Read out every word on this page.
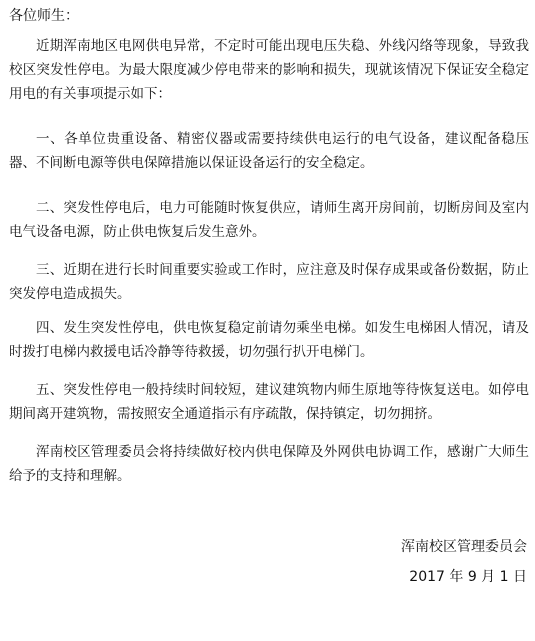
各位师生：

近期浑南地区电网供电异常，不定时可能出现电压失稳、外线闪络等现象，导致我校区突发性停电。为最大限度减少停电带来的影响和损失，现就该情况下保证安全稳定用电的有关事项提示如下：

一、各单位贵重设备、精密仪器或需要持续供电运行的电气设备，建议配备稳压器、不间断电源等供电保障措施以保证设备运行的安全稳定。

二、突发性停电后，电力可能随时恢复供应，请师生离开房间前，切断房间及室内电气设备电源，防止供电恢复后发生意外。

三、近期在进行长时间重要实验或工作时，应注意及时保存成果或备份数据，防止突发停电造成损失。

四、发生突发性停电，供电恢复稳定前请勿乘坐电梯。如发生电梯困人情况，请及时拨打电梯内救援电话冷静等待救援，切勿强行扒开电梯门。

五、突发性停电一般持续时间较短，建议建筑物内师生原地等待恢复送电。如停电期间离开建筑物，需按照安全通道指示有序疏散，保持镇定，切勿拥挤。

浑南校区管理委员会将持续做好校内供电保障及外网供电协调工作，感谢广大师生给予的支持和理解。

浑南校区管理委员会
2017 年 9 月 1 日
